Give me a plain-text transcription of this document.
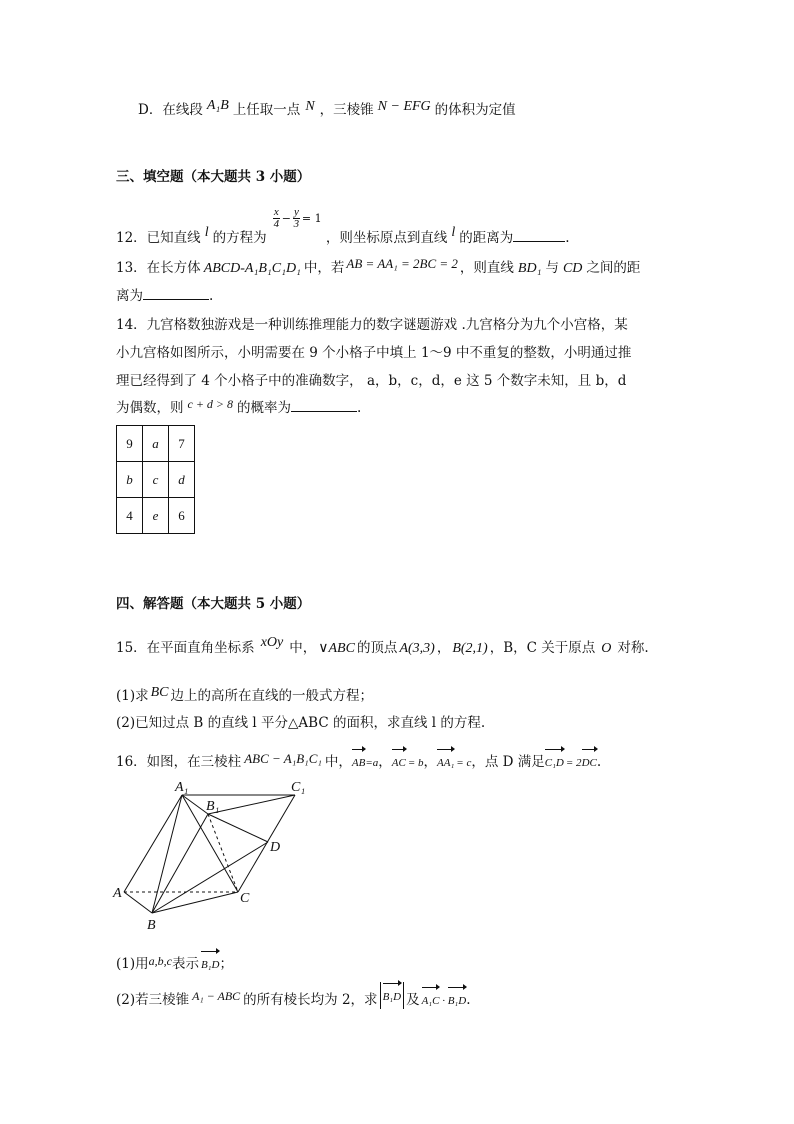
D．在线段 A₁B 上任取一点 N ，三棱锥 N − EFG 的体积为定值
三、填空题（本大题共 3 小题）
12．已知直线 l 的方程为
$\frac{x}{4} - \frac{y}{3} = 1$ ，则坐标原点到直线 l 的距离为	.
13．在长方体 ABCD-A₁B₁C₁D₁ 中，若 AB = AA₁ = 2BC = 2 ，则直线 BD₁ 与 CD 之间的距
离为	.
14．九宫格数独游戏是一种训练推理能力的数字谜题游戏 .九宫格分为九个小宫格，某
小九宫格如图所示，小明需要在 9 个小格子中填上 1～9 中不重复的整数，小明通过推
理已经得到了 4 个小格子中的准确数字， a，b，c，d，e 这 5 个数字未知，且 b，d
为偶数，则 c + d > 8 的概率为	.
9	a	7
b	c	d
4	e	6
四、解答题（本大题共 5 小题）
15．在平面直角坐标系 xOy 中， ∨ABC 的顶点 A(3,3) ， B(2,1) ，B，C 关于原点 O 对称.
(1)求 BC 边上的高所在直线的一般式方程；
(2)已知过点 B 的直线 l 平分△ABC 的面积，求直线 l 的方程.
16．如图，在三棱柱 ABC − A₁B₁C₁ 中，AB=a，AC = b，AA₁ = c，点 D 满足C₁D = 2DC.
A₁	C₁
B₁
D
A	C
B
(1)用a,b,c表示 B₁D；
(2)若三棱锥 A₁ − ABC 的所有棱长均为 2，求 B₁D 及 A₁C · B₁D.
